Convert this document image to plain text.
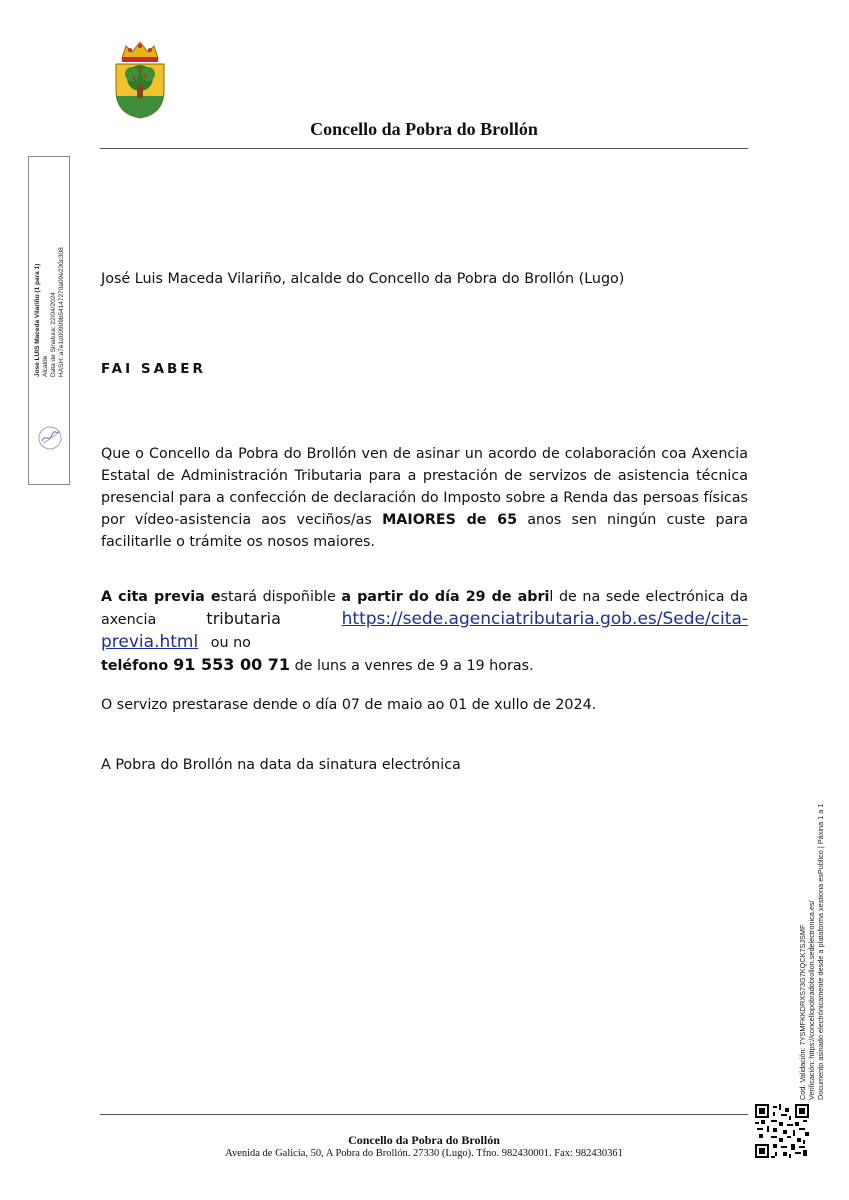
Concello da Pobra do Brollón
Jose LUIS Maceda Vilariño (1 para 1) Alcalde Data de Sinatura: 22/04/2024 HASH: a7e1d00909b54147270a09e230c308	José Luis Maceda Vilariño, alcalde do Concello da Pobra do Brollón (Lugo)
FAI SABER
Que o Concello da Pobra do Brollón ven de asinar un acordo de colaboración coa Axencia Estatal de Administración Tributaria para a prestación de servizos de asistencia técnica presencial para a confección de declaración do Imposto sobre a Renda das persoas físicas por vídeo-asistencia aos veciños/as MAIORES de 65 anos sen ningún custe para facilitarlle o trámite os nosos maiores.
A cita previa estará dispoñible a partir do día 29 de abril de na sede electrónica da axencia tributaria https://sede.agenciatributaria.gob.es/Sede/cita-previa.html ou no
teléfono 91 553 00 71 de luns a venres de 9 a 19 horas.
O servizo prestarase dende o día 07 de maio ao 01 de xullo de 2024.
A Pobra do Brollón na data da sinatura electrónica
Cod. Validación: 7YSMFKKDRXS73G7KQCK7SJSMF Verificación: https://concellopobradobrollon.sedelectronica.es/ Documento asinado electrónicamente desde a plataforma xestiona esPublico | Páxina 1 a 1
Concello da Pobra do Brollón
Avenida de Galicia, 50, A Pobra do Brollón. 27330 (Lugo). Tfno. 982430001. Fax: 982430361
